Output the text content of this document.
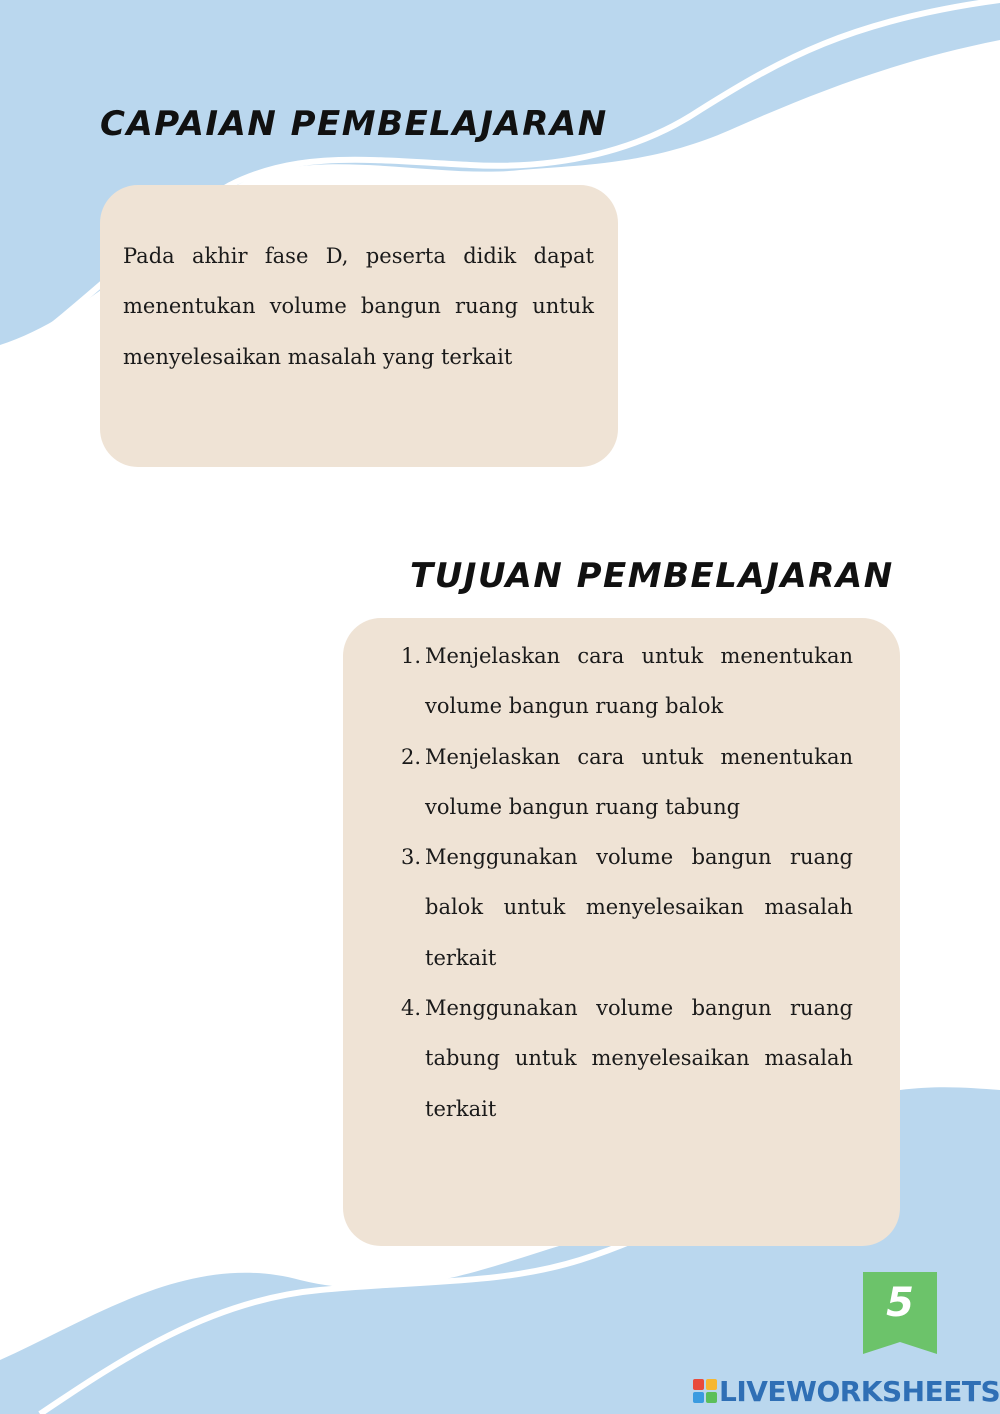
CAPAIAN PEMBELAJARAN

Pada akhir fase D, peserta didik dapat menentukan volume bangun ruang untuk menyelesaikan masalah yang terkait

TUJUAN PEMBELAJARAN
1. Menjelaskan cara untuk menentukan volume bangun ruang balok
2. Menjelaskan cara untuk menentukan volume bangun ruang tabung
3. Menggunakan volume bangun ruang balok untuk menyelesaikan masalah terkait
4. Menggunakan volume bangun ruang tabung untuk menyelesaikan masalah terkait
5
LIVEWORKSHEETS
